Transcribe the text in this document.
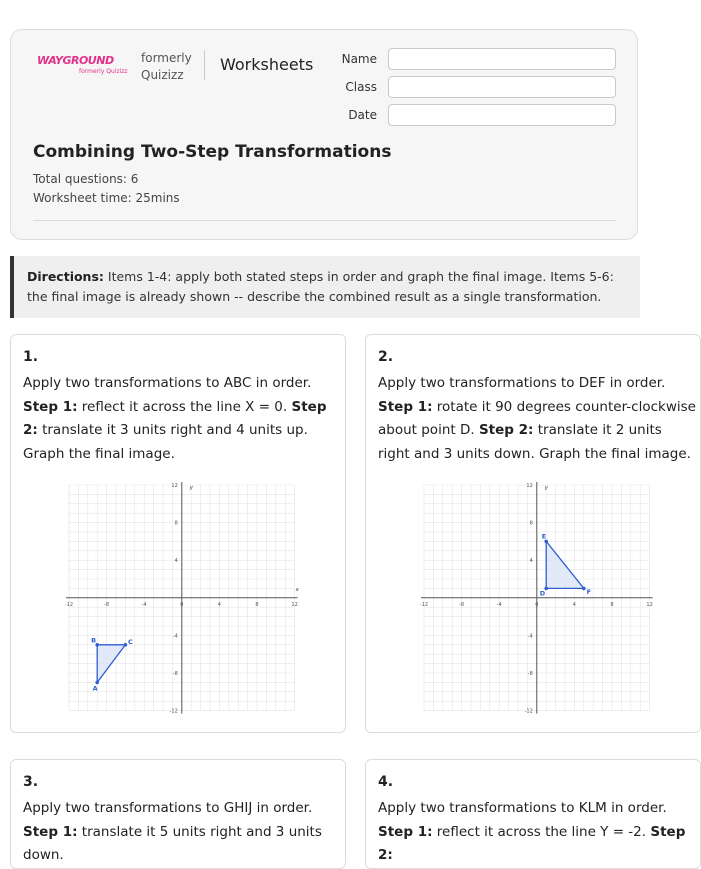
WAYGROUND
formerly Quizizz
formerly
Quizizz
Worksheets	Name
Class
Date
Combining Two-Step Transformations
Total questions: 6
Worksheet time: 25mins
Directions: Items 1-4: apply both stated steps in order and graph the final image. Items 5-6: the final image is already shown -- describe the combined result as a single transformation.
1.
Apply two transformations to ABC in order. Step 1: reflect it across the line X = 0. Step 2: translate it 3 units right and 4 units up. Graph the final image.
-12	-8	-4	0	4	8	12
12
8
4
-4
-8
-12
y
x
A
B	C
2.
Apply two transformations to DEF in order. Step 1: rotate it 90 degrees counter-clockwise about point D. Step 2: translate it 2 units right and 3 units down. Graph the final image.
-12	-8	-4	0	4	8	12
12
8
4
-4
-8
-12
y
D
E
F
3.
Apply two transformations to GHIJ in order. Step 1: translate it 5 units right and 3 units down.
4.
Apply two transformations to KLM in order. Step 1: reflect it across the line Y = -2. Step 2:
